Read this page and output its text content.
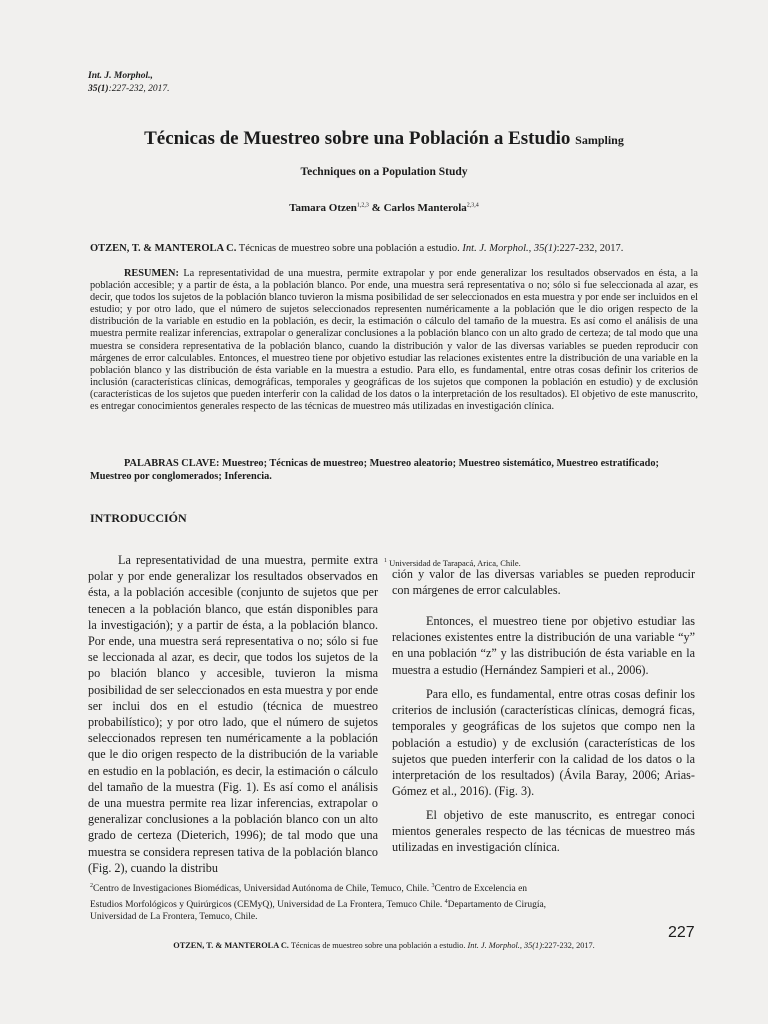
Int. J. Morphol.,
35(1):227-232, 2017.
Técnicas de Muestreo sobre una Población a Estudio Sampling
Techniques on a Population Study
Tamara Otzen$^{1,2,3}$ & Carlos Manterola$^{2,3,4}$
OTZEN, T. & MANTEROLA C. Técnicas de muestreo sobre una población a estudio. Int. J. Morphol., 35(1):227-232, 2017.
RESUMEN: La representatividad de una muestra, permite extrapolar y por ende generalizar los resultados observados en ésta, a la población accesible; y a partir de ésta, a la población blanco. Por ende, una muestra será representativa o no; sólo si fue seleccionada al azar, es decir, que todos los sujetos de la población blanco tuvieron la misma posibilidad de ser seleccionados en esta muestra y por ende ser incluidos en el estudio; y por otro lado, que el número de sujetos seleccionados representen numéricamente a la población que le dio origen respecto de la distribución de la variable en estudio en la población, es decir, la estimación o cálculo del tamaño de la muestra. Es así como el análisis de una muestra permite realizar inferencias, extrapolar o generalizar conclusiones a la población blanco con un alto grado de certeza; de tal modo que una muestra se considera representativa de la población blanco, cuando la distribución y valor de las diversas variables se pueden reproducir con márgenes de error calculables. Entonces, el muestreo tiene por objetivo estudiar las relaciones existentes entre la distribución de una variable en la población blanco y las distribución de ésta variable en la muestra a estudio. Para ello, es fundamental, entre otras cosas definir los criterios de inclusión (características clínicas, demográficas, temporales y geográficas de los sujetos que componen la población en estudio) y de exclusión (características de los sujetos que pueden interferir con la calidad de los datos o la interpretación de los resultados). El objetivo de este manuscrito, es entregar conocimientos generales respecto de las técnicas de muestreo más utilizadas en investigación clínica.
PALABRAS CLAVE: Muestreo; Técnicas de muestreo; Muestreo aleatorio; Muestreo sistemático, Muestreo estratificado; Muestreo por conglomerados; Inferencia.
INTRODUCCIÓN
La representatividad de una muestra, permite extra polar y por ende generalizar los resultados observados en ésta, a la población accesible (conjunto de sujetos que per tenecen a la población blanco, que están disponibles para la investigación); y a partir de ésta, a la población blanco. Por ende, una muestra será representativa o no; sólo si fue se leccionada al azar, es decir, que todos los sujetos de la po blación blanco y accesible, tuvieron la misma posibilidad de ser seleccionados en esta muestra y por ende ser inclui dos en el estudio (técnica de muestreo probabilístico); y por otro lado, que el número de sujetos seleccionados represen ten numéricamente a la población que le dio origen respecto de la distribución de la variable en estudio en la población, es decir, la estimación o cálculo del tamaño de la muestra (Fig. 1). Es así como el análisis de una muestra permite rea lizar inferencias, extrapolar o generalizar conclusiones a la población blanco con un alto grado de certeza (Dieterich, 1996); de tal modo que una muestra se considera represen tativa de la población blanco (Fig. 2), cuando la distribu
$^1$ Universidad de Tarapacá, Arica, Chile.
ción y valor de las diversas variables se pueden reproducir con márgenes de error calculables.
Entonces, el muestreo tiene por objetivo estudiar las relaciones existentes entre la distribución de una variable “y” en una población “z” y las distribución de ésta variable en la muestra a estudio (Hernández Sampieri et al., 2006).
Para ello, es fundamental, entre otras cosas definir los criterios de inclusión (características clínicas, demográ ficas, temporales y geográficas de los sujetos que compo nen la población a estudio) y de exclusión (características de los sujetos que pueden interferir con la calidad de los datos o la interpretación de los resultados) (Ávila Baray, 2006; Arias-Gómez et al., 2016). (Fig. 3).
El objetivo de este manuscrito, es entregar conoci mientos generales respecto de las técnicas de muestreo más utilizadas en investigación clínica.
$^2$Centro de Investigaciones Biomédicas, Universidad Autónoma de Chile, Temuco, Chile. $^3$Centro de Excelencia en Estudios Morfológicos y Quirúrgicos (CEMyQ), Universidad de La Frontera, Temuco Chile. $^4$Departamento de Cirugía, Universidad de La Frontera, Temuco, Chile.
227
OTZEN, T. & MANTEROLA C. Técnicas de muestreo sobre una población a estudio. Int. J. Morphol., 35(1):227-232, 2017.
